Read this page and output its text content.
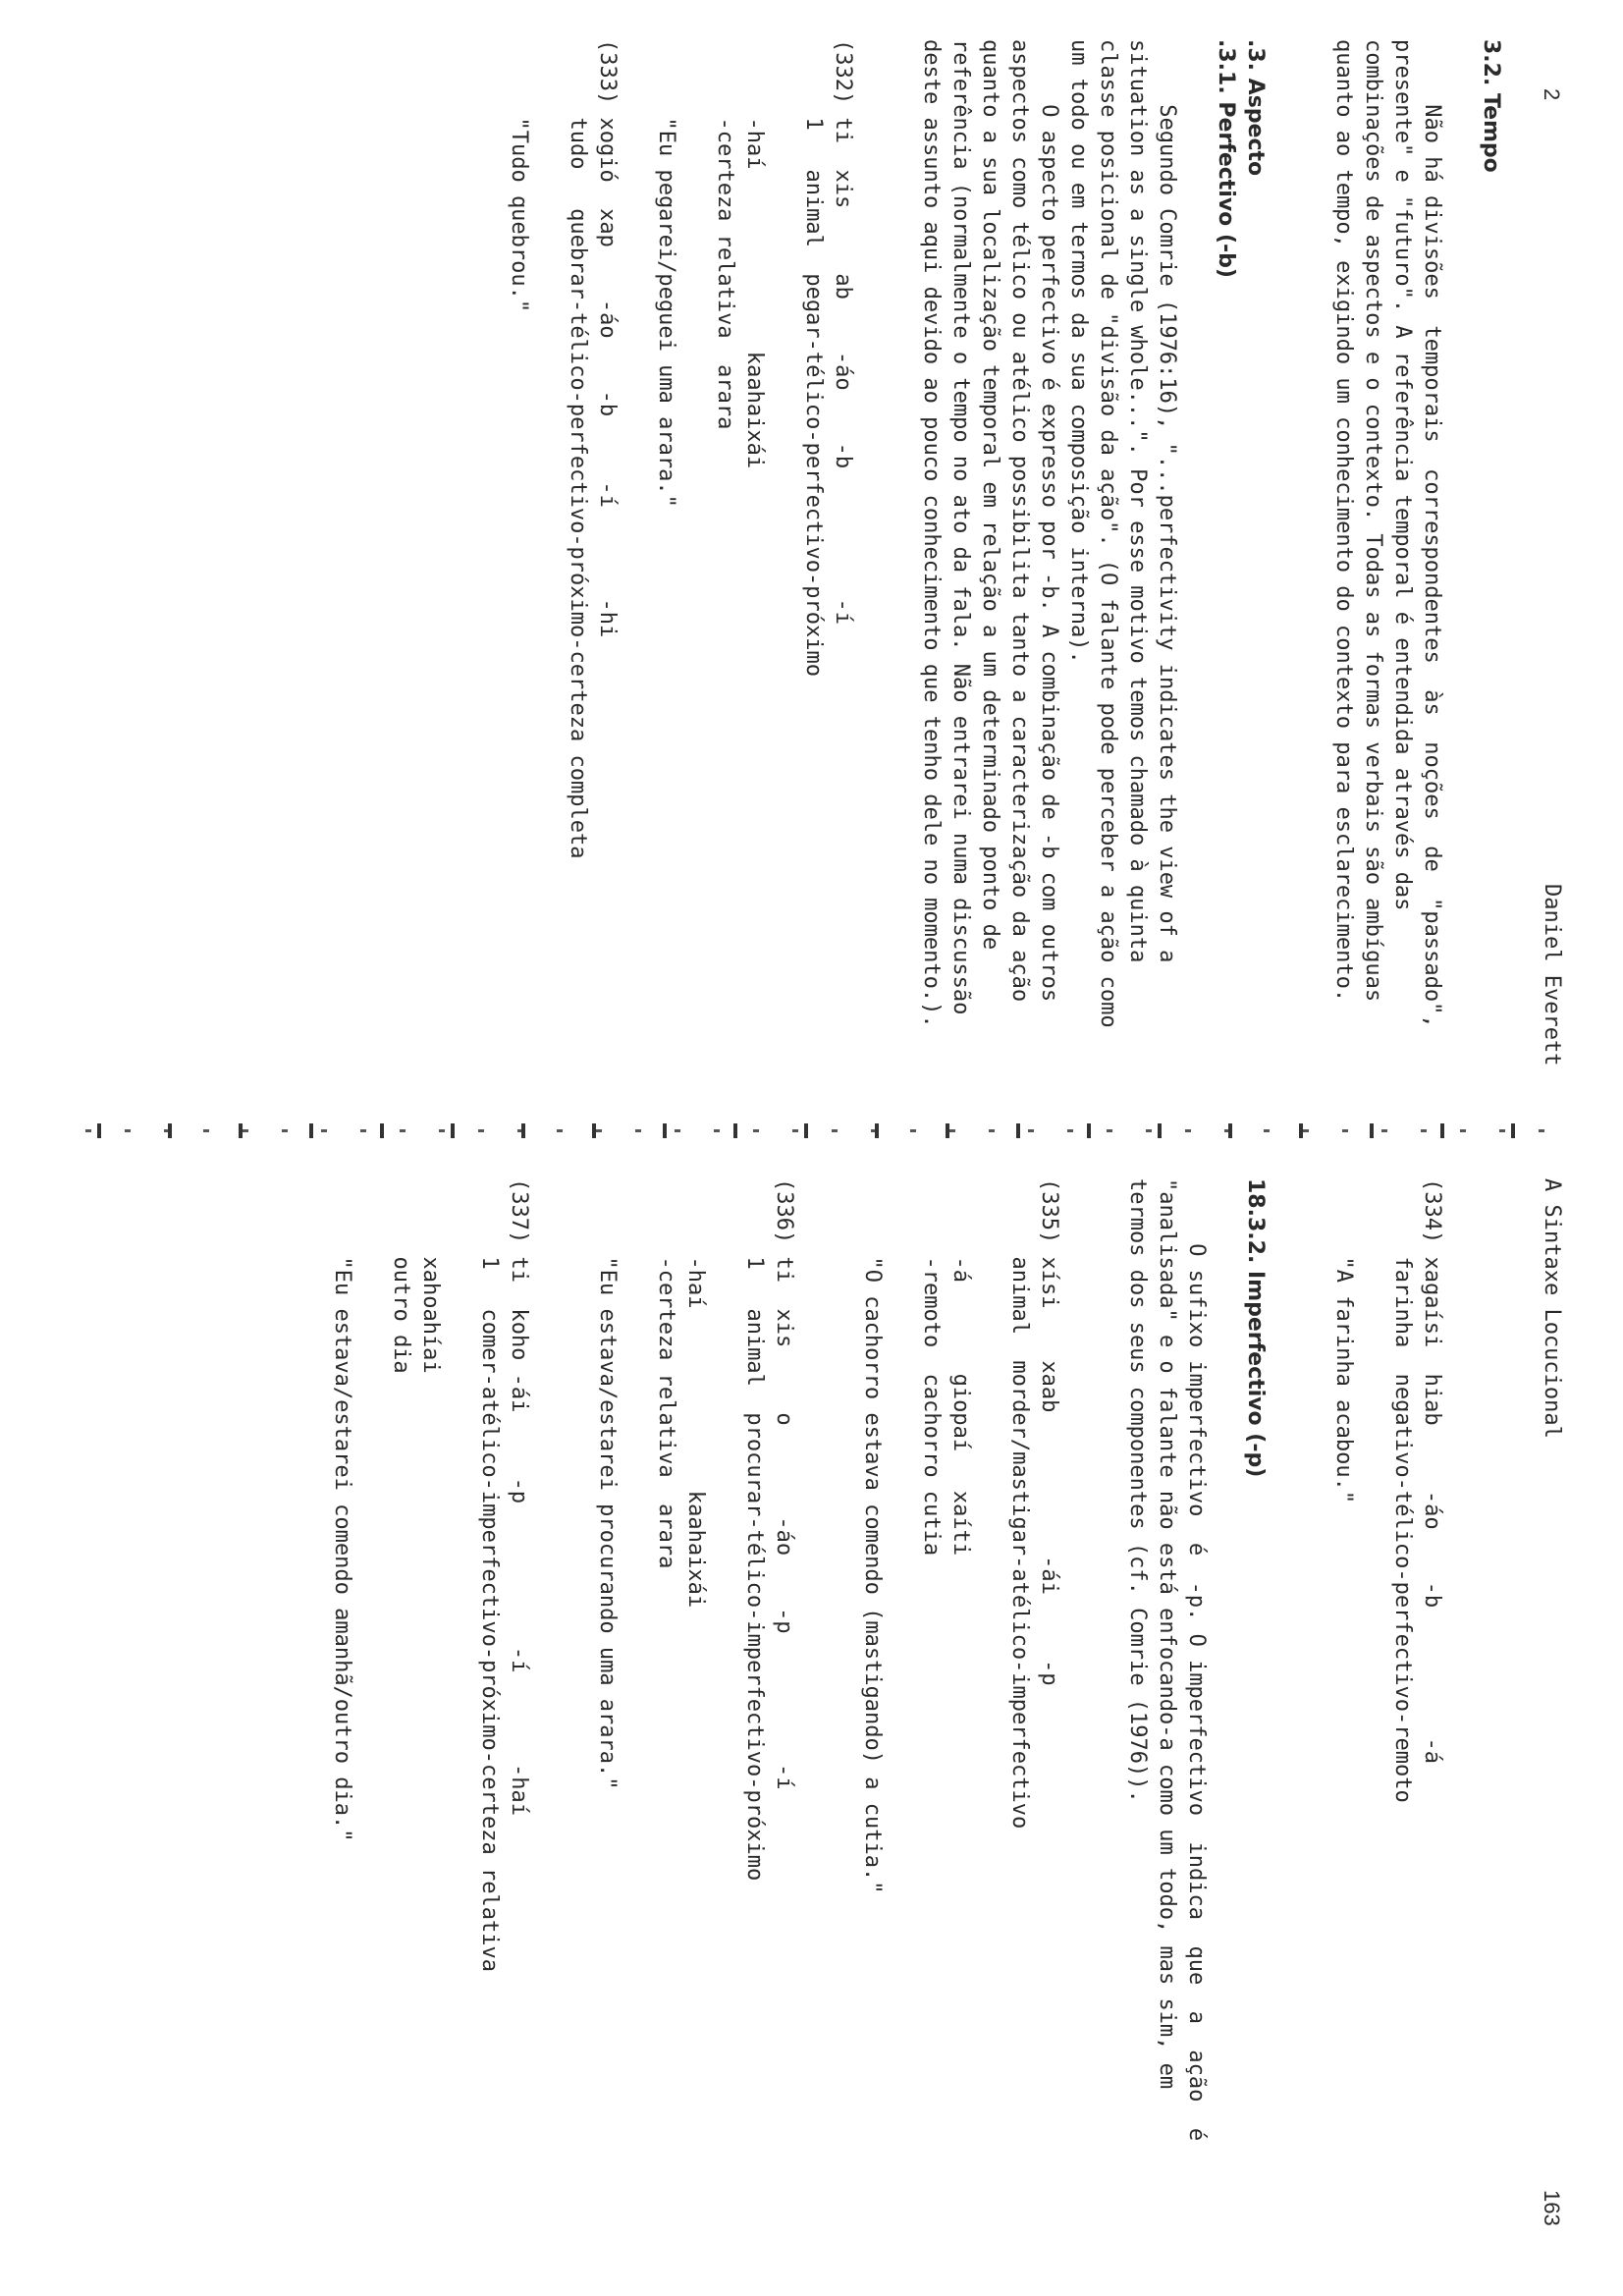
2
Daniel Everett
3.2. Tempo
Não há divisões  temporais  correspondentes  às  noções  de  "passado",
presente" e "futuro". A referência temporal é entendida através das
combinações de aspectos e o contexto. Todas as formas verbais são ambíguas
quanto ao tempo, exigindo um conhecimento do contexto para esclarecimento.
.3. Aspecto
.3.1. Perfectivo (-b)
Segundo Comrie (1976:16), "...perfectivity indicates the view of a
situation as a single whole...". Por esse motivo temos chamado à quinta
classe posicional de "divisão da ação". (O falante pode perceber a ação como
um todo ou em termos da sua composição interna).
O aspecto perfectivo é expresso por -b. A combinação de -b com outros
aspectos como télico ou atélico possibilita tanto a caracterização da ação
quanto a sua localização temporal em relação a um determinado ponto de
referência (normalmente o tempo no ato da fala. Não entrarei numa discussão
deste assunto aqui devido ao pouco conhecimento que tenho dele no momento.).
(332) ti  xis     ab    -áo    -b          -í
1   animal  pegar-télico-perfectivo-próximo
-haí              kaahaixái
-certeza relativa  arara
"Eu pegarei/peguei uma arara."
(333) xogió  xap    -áo    -b     -í       -hi
tudo   quebrar-télico-perfectivo-próximo-certeza completa
"Tudo quebrou."
A Sintaxe Locucional
163
(334) xagaísi  hiab     -áo    -b          -á
farinha  negativo-télico-perfectivo-remoto
"A farinha acabou."
18.3.2. Imperfectivo (-p)
O sufixo imperfectivo  é  -p. O imperfectivo  indica  que  a  ação  é
"analisada" e o falante não está enfocando-a como um todo, mas sim, em
termos dos seus componentes (cf. Comrie (1976)).
(335) xísi    xaab           -ái     -p
animal  morder/mastigar-atélico-imperfectivo
-á       giopaí   xaíti
-remoto  cachorro cutia
"O cachorro estava comendo (mastigando) a cutia."
(336) ti  xis     o       -áo    -p          -í
1   animal  procurar-télico-imperfectivo-próximo
-haí              kaahaixái
-certeza relativa  arara
"Eu estava/estarei procurando uma arara."
(337) ti  koho -ái     -p           -í       -haí
1   comer-atélico-imperfectivo-próximo-certeza relativa
xahoahíai
outro dia
"Eu estava/estarei comendo amanhã/outro dia."
